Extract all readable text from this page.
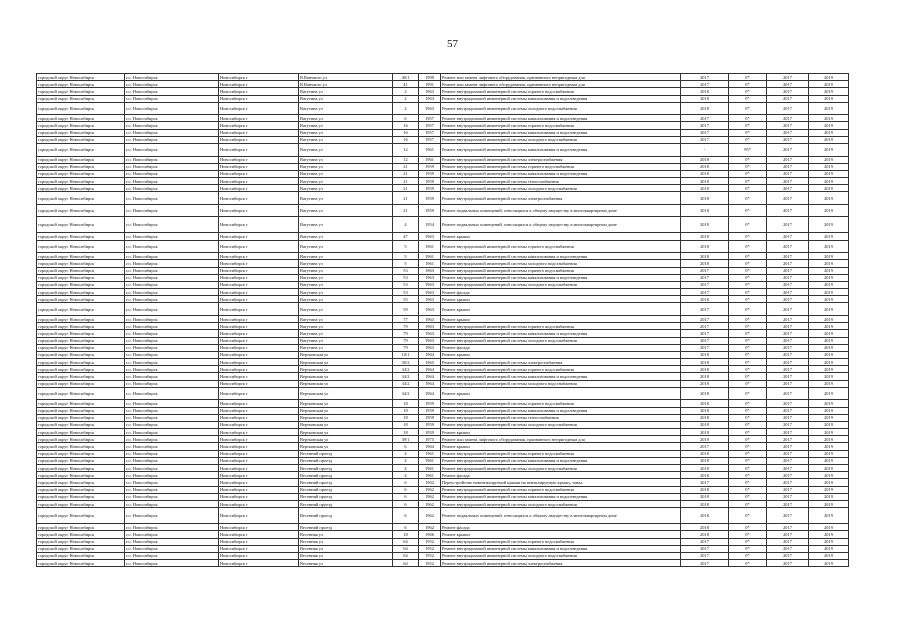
57
городской округ Новосибирск	г.о. Новосибирск	Новосибирск г	В.Ванчкого ул	40/1	1990	Ремонт или замена лифтового оборудования, признанного непригодным для	2017	0*	2017	2019
городской округ Новосибирск	г.о. Новосибирск	Новосибирск г	В.Ванчкого ул	41	1991	Ремонт или замена лифтового оборудования, признанного непригодным для	2017	0*	2017	2019
городской округ Новосибирск	г.о. Новосибирск	Новосибирск г	Ватутина ул	2	1963	Ремонт внутридомовой инженерной системы горячего водоснабжения	2018	0*	2017	2019
городской округ Новосибирск	г.о. Новосибирск	Новосибирск г	Ватутина ул	2	1963	Ремонт внутридомовой инженерной системы канализования и водоотведения	2018	0*	2017	2019
городской округ Новосибирск	г.о. Новосибирск	Новосибирск г	Ватутина ул	2	1963	Ремонт внутридомовой инженерной системы холодного водоснабжения	2018	0*	2017	2019
городской округ Новосибирск	г.о. Новосибирск	Новосибирск г	Ватутина ул	6	1957	Ремонт внутридомовой инженерной системы канализования и водоотведения	2017	0*	2017	2019
городской округ Новосибирск	г.о. Новосибирск	Новосибирск г	Ватутина ул	16	1957	Ремонт внутридомовой инженерной системы горячего водоснабжения	2017	0*	2017	2019
городской округ Новосибирск	г.о. Новосибирск	Новосибирск г	Ватутина ул	16	1957	Ремонт внутридомовой инженерной системы канализования и водоотведения	2017	0*	2017	2019
городской округ Новосибирск	г.о. Новосибирск	Новосибирск г	Ватутина ул	16	1957	Ремонт внутридомовой инженерной системы холодного водоснабжения	2017	0*	2017	2019
городской округ Новосибирск	г.о. Новосибирск	Новосибирск г	Ватутина ул	12	1961	Ремонт внутридомовой инженерной системы канализования и водоотведения	-	95*	2017	2019
городской округ Новосибирск	г.о. Новосибирск	Новосибирск г	Ватутина ул	12	1961	Ремонт внутридомовой инженерной системы электроснабжения	2018	0*	2017	2019
городской округ Новосибирск	г.о. Новосибирск	Новосибирск г	Ватутина ул	21	1959	Ремонт внутридомовой инженерной системы горячего водоснабжения	2018	0*	2017	2019
городской округ Новосибирск	г.о. Новосибирск	Новосибирск г	Ватутина ул	21	1959	Ремонт внутридомовой инженерной системы канализования и водоотведения	2018	0*	2017	2019
городской округ Новосибирск	г.о. Новосибирск	Новосибирск г	Ватутина ул	21	1959	Ремонт внутридомовой инженерной системы теплоснабжения	2018	0*	2017	2019
городской округ Новосибирск	г.о. Новосибирск	Новосибирск г	Ватутина ул	21	1959	Ремонт внутридомовой инженерной системы холодного водоснабжения	2018	0*	2017	2019
городской округ Новосибирск	г.о. Новосибирск	Новосибирск г	Ватутина ул	21	1959	Ремонт внутридомовой инженерной системы электроснабжения	2018	0*	2017	2019
городской округ Новосибирск	г.о. Новосибирск	Новосибирск г	Ватутина ул	21	1959	Ремонт подвальных помещений, относящихся к общему имуществу в многоквартирном доме	2018	0*	2017	2019
городской округ Новосибирск	г.о. Новосибирск	Новосибирск г	Ватутина ул	4	1954	Ремонт подвальных помещений, относящихся к общему имуществу в многоквартирном доме	2018	0*	2017	2019
городской округ Новосибирск	г.о. Новосибирск	Новосибирск г	Ватутина ул	47	1963	Ремонт крыши	2018	0*	2017	2019
городской округ Новосибирск	г.о. Новосибирск	Новосибирск г	Ватутина ул	5	1961	Ремонт внутридомовой инженерной системы горячего водоснабжения	2018	0*	2017	2019
городской округ Новосибирск	г.о. Новосибирск	Новосибирск г	Ватутина ул	5	1961	Ремонт внутридомовой инженерной системы канализования и водоотведения	2018	0*	2017	2019
городской округ Новосибирск	г.о. Новосибирск	Новосибирск г	Ватутина ул	5	1961	Ремонт внутридомовой инженерной системы холодного водоснабжения	2018	0*	2017	2019
городской округ Новосибирск	г.о. Новосибирск	Новосибирск г	Ватутина ул	53	1963	Ремонт внутридомовой инженерной системы горячего водоснабжения	2017	0*	2017	2019
городской округ Новосибирск	г.о. Новосибирск	Новосибирск г	Ватутина ул	53	1963	Ремонт внутридомовой инженерной системы канализования и водоотведения	2017	0*	2017	2019
городской округ Новосибирск	г.о. Новосибирск	Новосибирск г	Ватутина ул	53	1963	Ремонт внутридомовой инженерной системы холодного водоснабжения	2017	0*	2017	2019
городской округ Новосибирск	г.о. Новосибирск	Новосибирск г	Ватутина ул	53	1963	Ремонт фасада	2017	0*	2017	2019
городской округ Новосибирск	г.о. Новосибирск	Новосибирск г	Ватутина ул	55	1963	Ремонт крыши	2018	0*	2017	2019
городской округ Новосибирск	г.о. Новосибирск	Новосибирск г	Ватутина ул	59	1963	Ремонт крыши	2017	0*	2017	2019
городской округ Новосибирск	г.о. Новосибирск	Новосибирск г	Ватутина ул	77	1963	Ремонт крыши	2017	0*	2017	2019
городской округ Новосибирск	г.о. Новосибирск	Новосибирск г	Ватутина ул	79	1963	Ремонт внутридомовой инженерной системы горячего водоснабжения	2017	0*	2017	2019
городской округ Новосибирск	г.о. Новосибирск	Новосибирск г	Ватутина ул	79	1963	Ремонт внутридомовой инженерной системы канализования и водоотведения	2017	0*	2017	2019
городской округ Новосибирск	г.о. Новосибирск	Новосибирск г	Ватутина ул	79	1963	Ремонт внутридомовой инженерной системы холодного водоснабжения	2017	0*	2017	2019
городской округ Новосибирск	г.о. Новосибирск	Новосибирск г	Ватутина ул	79	1963	Ремонт фасада	2017	0*	2017	2019
городской округ Новосибирск	г.о. Новосибирск	Новосибирск г	Вертковская ул	10/1	1964	Ремонт крыши	2018	0*	2017	2019
городской округ Новосибирск	г.о. Новосибирск	Новосибирск г	Вертковская ул	30/2	1965	Ремонт внутридомовой инженерной системы электроснабжения	2018	0*	2017	2019
городской округ Новосибирск	г.о. Новосибирск	Новосибирск г	Вертковская ул	34/2	1964	Ремонт внутридомовой инженерной системы горячего водоснабжения	2018	0*	2017	2019
городской округ Новосибирск	г.о. Новосибирск	Новосибирск г	Вертковская ул	34/2	1964	Ремонт внутридомовой инженерной системы канализования и водоотведения	2018	0*	2017	2019
городской округ Новосибирск	г.о. Новосибирск	Новосибирск г	Вертковская ул	34/2	1964	Ремонт внутридомовой инженерной системы холодного водоснабжения	2018	0*	2017	2019
городской округ Новосибирск	г.о. Новосибирск	Новосибирск г	Вертковская ул	34/2	1964	Ремонт крыши	2018	0*	2017	2019
городской округ Новосибирск	г.о. Новосибирск	Новосибирск г	Вертковская ул	18	1959	Ремонт внутридомовой инженерной системы горячего водоснабжения	2018	0*	2017	2019
городской округ Новосибирск	г.о. Новосибирск	Новосибирск г	Вертковская ул	18	1959	Ремонт внутридомовой инженерной системы канализования и водоотведения	2018	0*	2017	2019
городской округ Новосибирск	г.о. Новосибирск	Новосибирск г	Вертковская ул	18	1959	Ремонт внутридомовой инженерной системы теплоснабжения	2018	0*	2017	2019
городской округ Новосибирск	г.о. Новосибирск	Новосибирск г	Вертковская ул	18	1959	Ремонт внутридомовой инженерной системы холодного водоснабжения	2018	0*	2017	2019
городской округ Новосибирск	г.о. Новосибирск	Новосибирск г	Вертковская ул	18	1959	Ремонт крыши	2018	0*	2017	2019
городской округ Новосибирск	г.о. Новосибирск	Новосибирск г	Вертковская ул	39/1	1975	Ремонт или замена лифтового оборудования, признанного непригодным для	2019	0*	2017	2019
городской округ Новосибирск	г.о. Новосибирск	Новосибирск г	Вертковская ул	6	1964	Ремонт крыши	2017	0*	2017	2019
городской округ Новосибирск	г.о. Новосибирск	Новосибирск г	Весенний проезд	4	1961	Ремонт внутридомовой инженерной системы горячего водоснабжения	2018	0*	2017	2019
городской округ Новосибирск	г.о. Новосибирск	Новосибирск г	Весенний проезд	4	1961	Ремонт внутридомовой инженерной системы канализования и водоотведения	2018	0*	2017	2019
городской округ Новосибирск	г.о. Новосибирск	Новосибирск г	Весенний проезд	4	1961	Ремонт внутридомовой инженерной системы холодного водоснабжения	2018	0*	2017	2019
городской округ Новосибирск	г.о. Новосибирск	Новосибирск г	Весенний проезд	4	1961	Ремонт фасада	2018	0*	2017	2019
городской округ Новосибирск	г.о. Новосибирск	Новосибирск г	Весенний проезд	6	1962	Переустройство невентилируемой крыши на вентилируемую крышу, зонка	2017	0*	2017	2019
городской округ Новосибирск	г.о. Новосибирск	Новосибирск г	Весенний проезд	6	1962	Ремонт внутридомовой инженерной системы горячего водоснабжения	2018	0*	2017	2019
городской округ Новосибирск	г.о. Новосибирск	Новосибирск г	Весенний проезд	6	1962	Ремонт внутридомовой инженерной системы канализования и водоотведения	2018	0*	2017	2019
городской округ Новосибирск	г.о. Новосибирск	Новосибирск г	Весенний проезд	6	1962	Ремонт внутридомовой инженерной системы холодного водоснабжения	2018	0*	2017	2019
городской округ Новосибирск	г.о. Новосибирск	Новосибирск г	Весенний проезд	6	1962	Ремонт подвальных помещений, относящихся к общему имуществу в многоквартирном доме	2018	0*	2017	2019
городской округ Новосибирск	г.о. Новосибирск	Новосибирск г	Весенний проезд	6	1962	Ремонт фасада	2018	0*	2017	2019
городской округ Новосибирск	г.о. Новосибирск	Новосибирск г	Весенняя ул	18	1966	Ремонт крыши	2018	0*	2017	2019
городской округ Новосибирск	г.о. Новосибирск	Новосибирск г	Весенняя ул	64	1952	Ремонт внутридомовой инженерной системы горячего водоснабжения	2017	0*	2017	2019
городской округ Новосибирск	г.о. Новосибирск	Новосибирск г	Весенняя ул	64	1952	Ремонт внутридомовой инженерной системы канализования и водоотведения	2017	0*	2017	2019
городской округ Новосибирск	г.о. Новосибирск	Новосибирск г	Весенняя ул	64	1952	Ремонт внутридомовой инженерной системы холодного водоснабжения	2017	0*	2017	2019
городской округ Новосибирск	г.о. Новосибирск	Новосибирск г	Весенняя ул	64	1952	Ремонт внутридомовой инженерной системы электроснабжения	2017	0*	2017	2019
